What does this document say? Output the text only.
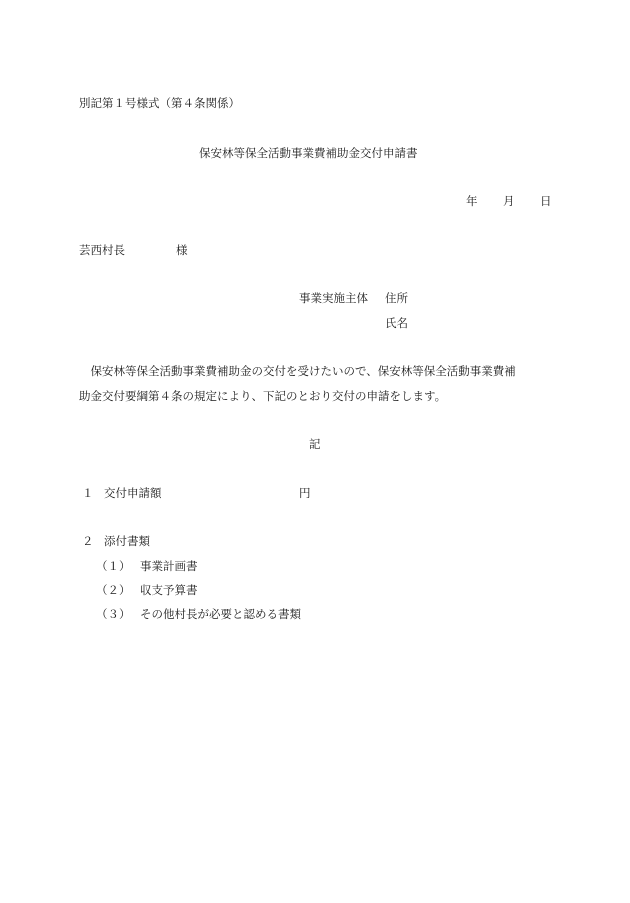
別記第１号様式（第４条関係）
保安林等保全活動事業費補助金交付申請書
年 月 日
芸西村長	様
事業実施主体 住所
氏名
　保安林等保全活動事業費補助金の交付を受けたいので、保安林等保全活動事業費補
助金交付要綱第４条の規定により、下記のとおり交付の申請をします。
記
１ 交付申請額	円
２ 添付書類
（１） 事業計画書
（２） 収支予算書
（３） その他村長が必要と認める書類
